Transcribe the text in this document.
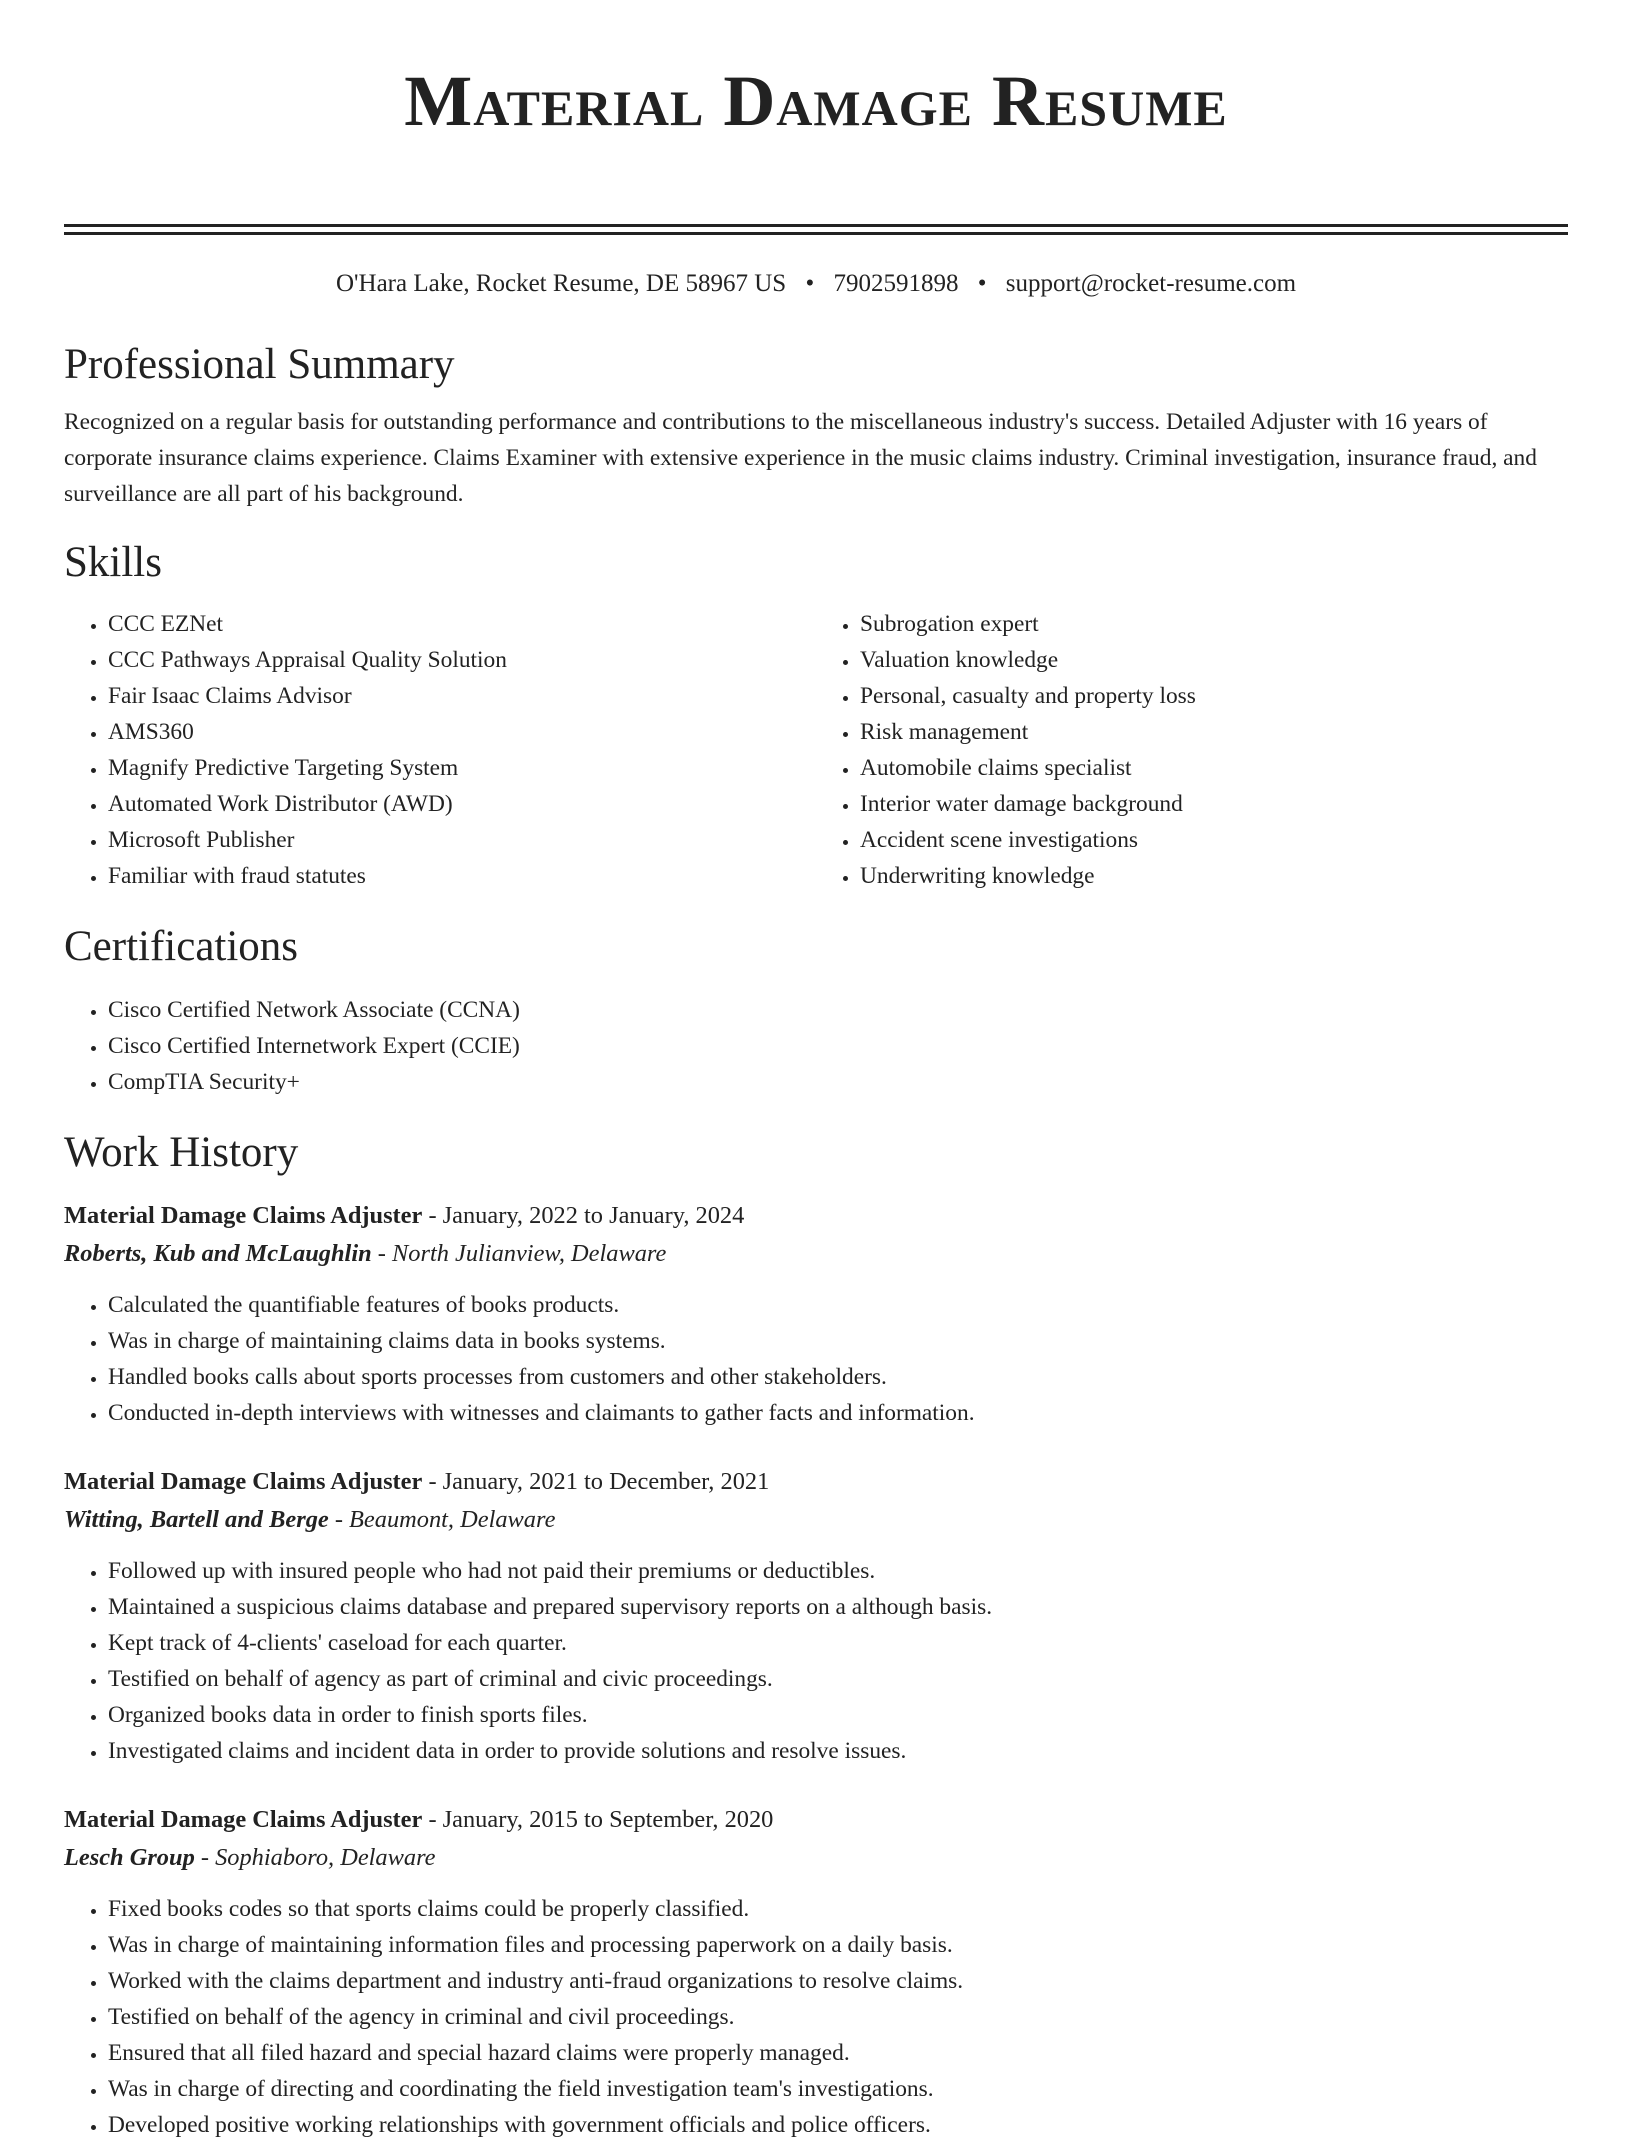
Material Damage Resume
O'Hara Lake, Rocket Resume, DE 58967 US • 7902591898 • support@rocket-resume.com
Professional Summary

Recognized on a regular basis for outstanding performance and contributions to the miscellaneous industry's success. Detailed Adjuster with 16 years of corporate insurance claims experience. Claims Examiner with extensive experience in the music claims industry. Criminal investigation, insurance fraud, and surveillance are all part of his background.

Skills
• CCC EZNet
• CCC Pathways Appraisal Quality Solution
• Fair Isaac Claims Advisor
• AMS360
• Magnify Predictive Targeting System
• Automated Work Distributor (AWD)
• Microsoft Publisher
• Familiar with fraud statutes
• Subrogation expert
• Valuation knowledge
• Personal, casualty and property loss
• Risk management
• Automobile claims specialist
• Interior water damage background
• Accident scene investigations
• Underwriting knowledge
Certifications
• Cisco Certified Network Associate (CCNA)
• Cisco Certified Internetwork Expert (CCIE)
• CompTIA Security+
Work History
Material Damage Claims Adjuster - January, 2022 to January, 2024
Roberts, Kub and McLaughlin - North Julianview, Delaware
• Calculated the quantifiable features of books products.
• Was in charge of maintaining claims data in books systems.
• Handled books calls about sports processes from customers and other stakeholders.
• Conducted in-depth interviews with witnesses and claimants to gather facts and information.
Material Damage Claims Adjuster - January, 2021 to December, 2021
Witting, Bartell and Berge - Beaumont, Delaware
• Followed up with insured people who had not paid their premiums or deductibles.
• Maintained a suspicious claims database and prepared supervisory reports on a although basis.
• Kept track of 4-clients' caseload for each quarter.
• Testified on behalf of agency as part of criminal and civic proceedings.
• Organized books data in order to finish sports files.
• Investigated claims and incident data in order to provide solutions and resolve issues.
Material Damage Claims Adjuster - January, 2015 to September, 2020
Lesch Group - Sophiaboro, Delaware
• Fixed books codes so that sports claims could be properly classified.
• Was in charge of maintaining information files and processing paperwork on a daily basis.
• Worked with the claims department and industry anti-fraud organizations to resolve claims.
• Testified on behalf of the agency in criminal and civil proceedings.
• Ensured that all filed hazard and special hazard claims were properly managed.
• Was in charge of directing and coordinating the field investigation team's investigations.
• Developed positive working relationships with government officials and police officers.
